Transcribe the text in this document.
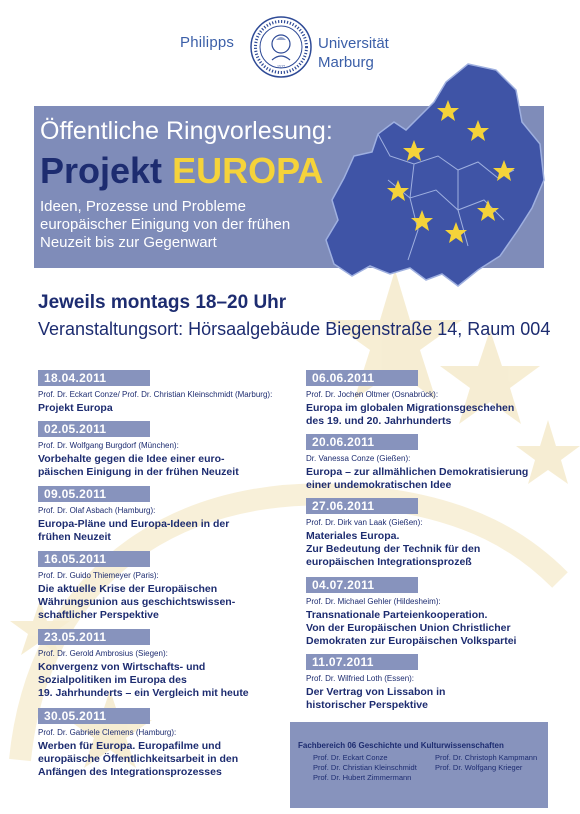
Philipps
1527
Universität
Marburg
Öffentliche Ringvorlesung:
Projekt EUROPA
Ideen, Prozesse und Probleme
europäischer Einigung von der frühen
Neuzeit bis zur Gegenwart
Jeweils montags 18–20 Uhr
Veranstaltungsort: Hörsaalgebäude Biegenstraße 14, Raum 004
18.04.2011
Prof. Dr. Eckart Conze/ Prof. Dr. Christian Kleinschmidt (Marburg):
Projekt Europa
02.05.2011
Prof. Dr. Wolfgang Burgdorf (München):
Vorbehalte gegen die Idee einer euro-
päischen Einigung in der frühen Neuzeit
09.05.2011
Prof. Dr. Olaf Asbach (Hamburg):
Europa-Pläne und Europa-Ideen in der
frühen Neuzeit
16.05.2011
Prof. Dr. Guido Thiemeyer (Paris):
Die aktuelle Krise der Europäischen
Währungsunion aus geschichtswissen-
schaftlicher Perspektive
23.05.2011
Prof. Dr. Gerold Ambrosius (Siegen):
Konvergenz von Wirtschafts- und
Sozialpolitiken im Europa des
19. Jahrhunderts – ein Vergleich mit heute
30.05.2011
Prof. Dr. Gabriele Clemens (Hamburg):
Werben für Europa. Europafilme und
europäische Öffentlichkeitsarbeit in den
Anfängen des Integrationsprozesses
06.06.2011
Prof. Dr. Jochen Oltmer (Osnabrück):
Europa im globalen Migrationsgeschehen
des 19. und 20. Jahrhunderts
20.06.2011
Dr. Vanessa Conze (Gießen):
Europa – zur allmählichen Demokratisierung
einer undemokratischen Idee
27.06.2011
Prof. Dr. Dirk van Laak (Gießen):
Materiales Europa.
Zur Bedeutung der Technik für den
europäischen Integrationsprozeß
04.07.2011
Prof. Dr. Michael Gehler (Hildesheim):
Transnationale Parteienkooperation.
Von der Europäischen Union Christlicher
Demokraten zur Europäischen Volkspartei
11.07.2011
Prof. Dr. Wilfried Loth (Essen):
Der Vertrag von Lissabon in
historischer Perspektive
Fachbereich 06 Geschichte und Kulturwissenschaften
Prof. Dr. Eckart Conze	Prof. Dr. Christoph Kampmann
Prof. Dr. Christian Kleinschmidt Prof. Dr. Wolfgang Krieger
Prof. Dr. Hubert Zimmermann
